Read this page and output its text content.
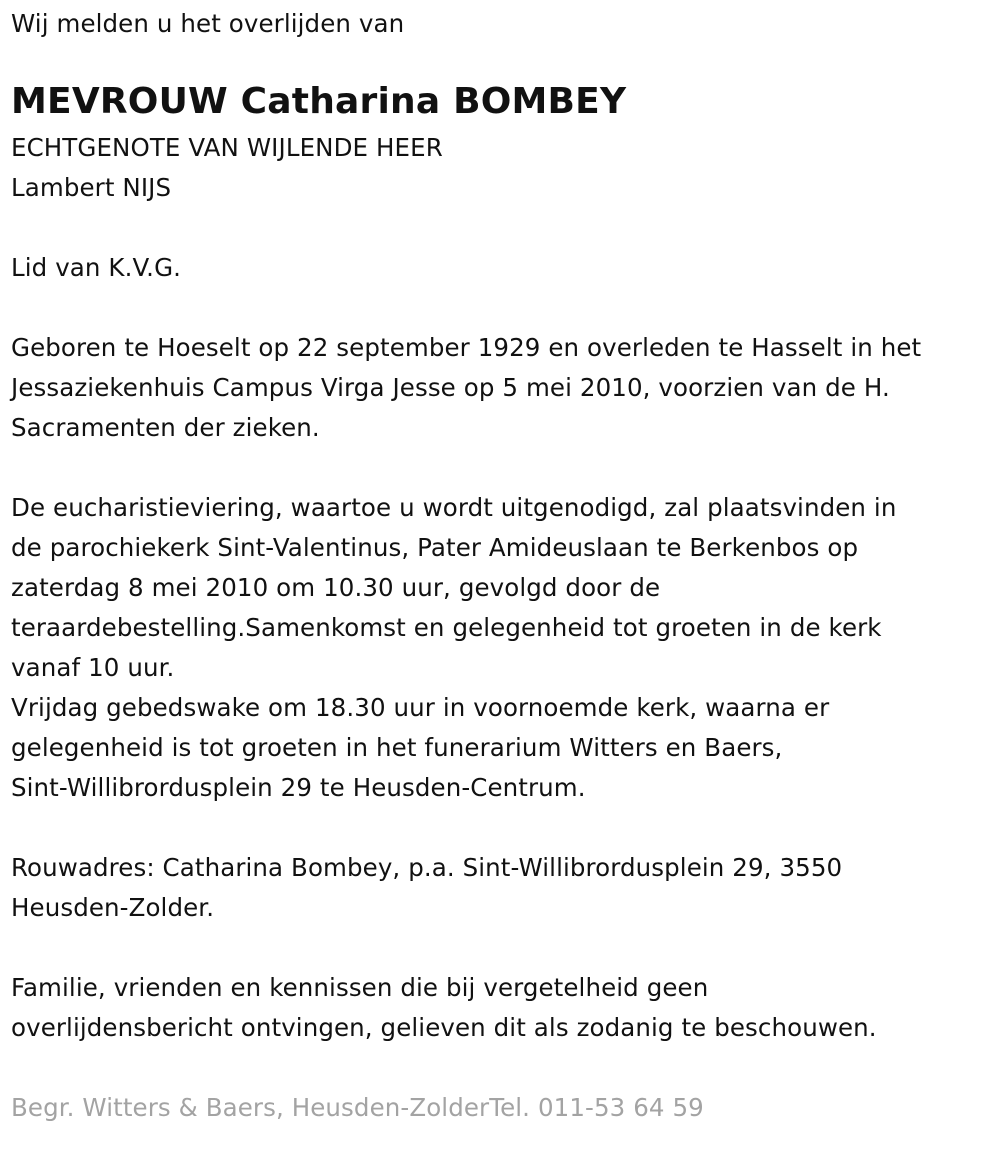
Wij melden u het overlijden van
MEVROUW Catharina BOMBEY
ECHTGENOTE VAN WIJLENDE HEER
Lambert NIJS
Lid van K.V.G.
Geboren te Hoeselt op 22 september 1929 en overleden te Hasselt in het
Jessaziekenhuis Campus Virga Jesse op 5 mei 2010, voorzien van de H.
Sacramenten der zieken.
De eucharistieviering, waartoe u wordt uitgenodigd, zal plaatsvinden in
de parochiekerk Sint-Valentinus, Pater Amideuslaan te Berkenbos op
zaterdag 8 mei 2010 om 10.30 uur, gevolgd door de
teraardebestelling.Samenkomst en gelegenheid tot groeten in de kerk
vanaf 10 uur.
Vrijdag gebedswake om 18.30 uur in voornoemde kerk, waarna er
gelegenheid is tot groeten in het funerarium Witters en Baers,
Sint-Willibrordusplein 29 te Heusden-Centrum.
Rouwadres: Catharina Bombey, p.a. Sint-Willibrordusplein 29, 3550
Heusden-Zolder.
Familie, vrienden en kennissen die bij vergetelheid geen
overlijdensbericht ontvingen, gelieven dit als zodanig te beschouwen.
Begr. Witters & Baers, Heusden-ZolderTel. 011-53 64 59
